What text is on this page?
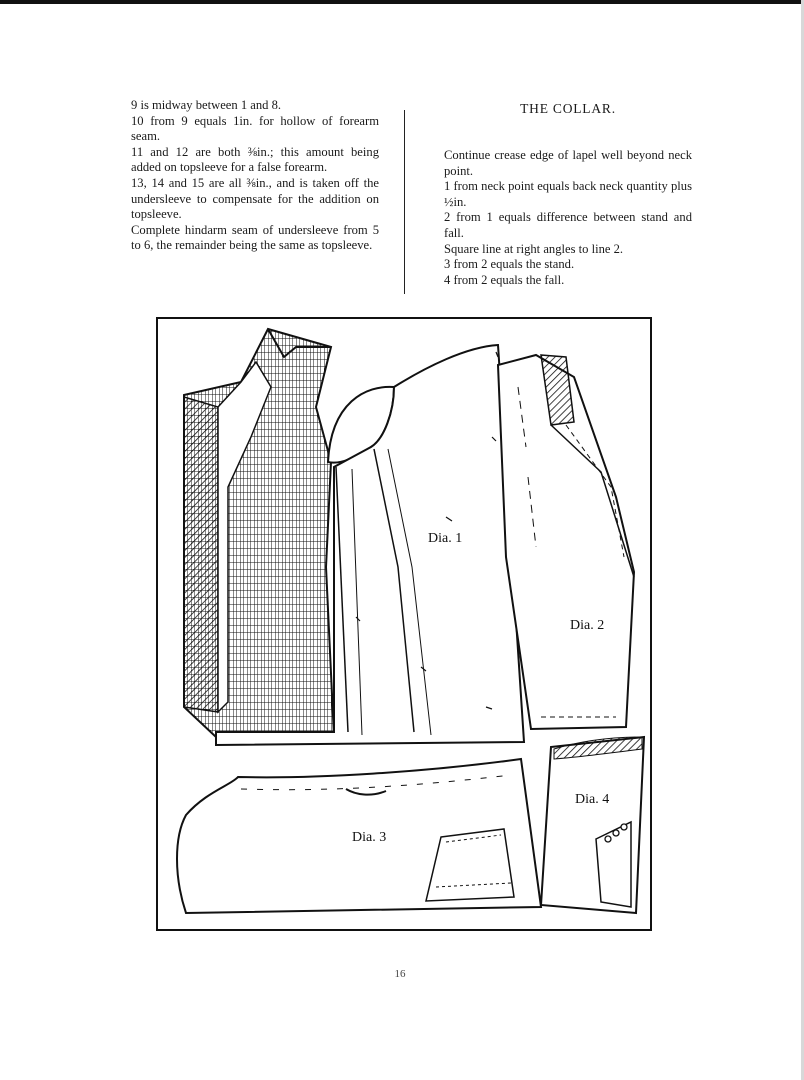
9 is midway between 1 and 8.

10 from 9 equals 1in. for hollow of forearm seam.

11 and 12 are both ⅜in.; this amount being added on topsleeve for a false forearm.

13, 14 and 15 are all ⅜in., and is taken off the undersleeve to compensate for the addition on topsleeve.

Complete hindarm seam of undersleeve from 5 to 6, the remainder being the same as topsleeve.

THE COLLAR.

Continue crease edge of lapel well beyond neck point.

1 from neck point equals back neck quantity plus ½in.

2 from 1 equals difference between stand and fall.

Square line at right angles to line 2.

3 from 2 equals the stand.

4 from 2 equals the fall.

Dia. 1
Dia. 2
Dia. 3
Dia. 4
16
